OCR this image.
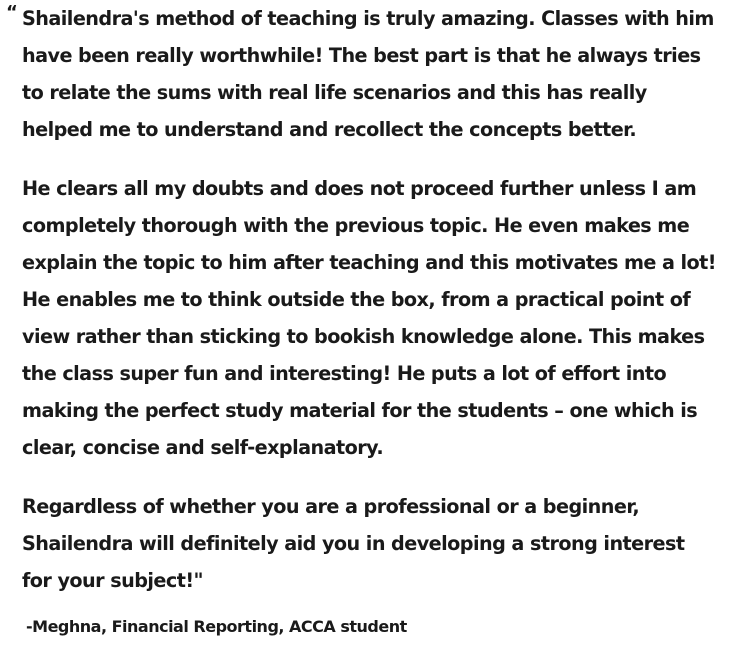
“ Shailendra's method of teaching is truly amazing. Classes with him
have been really worthwhile! The best part is that he always tries
to relate the sums with real life scenarios and this has really
helped me to understand and recollect the concepts better.

He clears all my doubts and does not proceed further unless I am
completely thorough with the previous topic. He even makes me
explain the topic to him after teaching and this motivates me a lot!
He enables me to think outside the box, from a practical point of
view rather than sticking to bookish knowledge alone. This makes
the class super fun and interesting! He puts a lot of effort into
making the perfect study material for the students – one which is
clear, concise and self-explanatory.

Regardless of whether you are a professional or a beginner,
Shailendra will definitely aid you in developing a strong interest
for your subject!"

-Meghna, Financial Reporting, ACCA student
